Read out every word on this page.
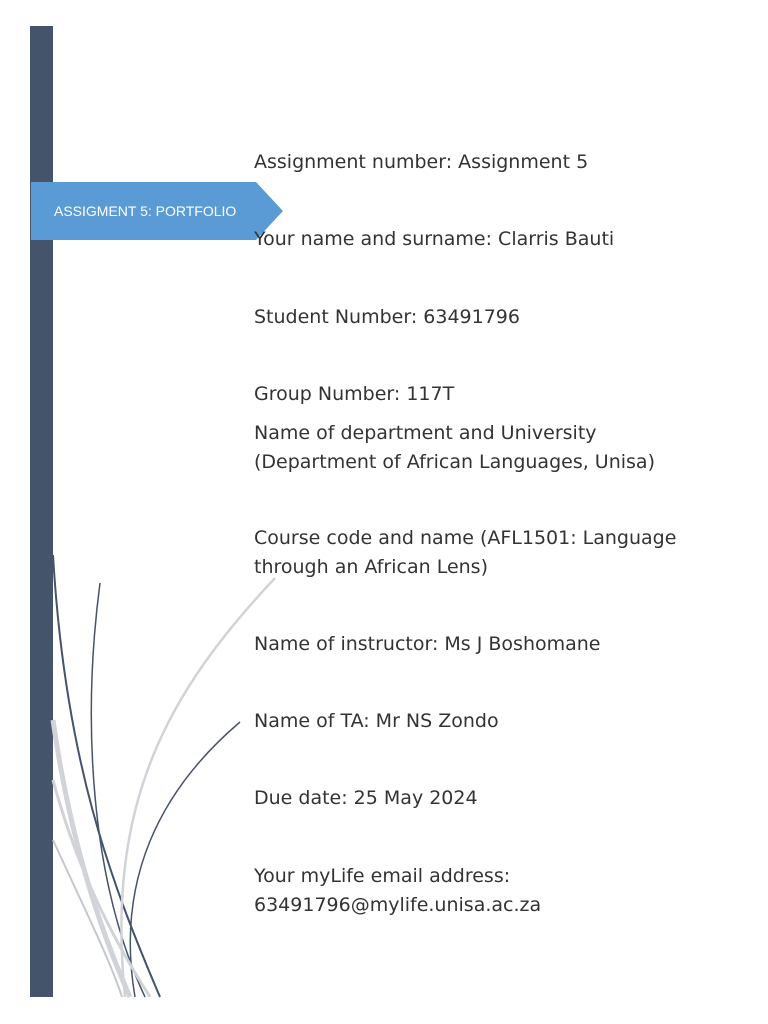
ASSIGMENT 5: PORTFOLIO
Assignment number: Assignment 5
Your name and surname: Clarris Bauti
Student Number: 63491796
Group Number: 117T
Name of department and University
(Department of African Languages, Unisa)
Course code and name (AFL1501: Language
through an African Lens)
Name of instructor: Ms J Boshomane
Name of TA: Mr NS Zondo
Due date: 25 May 2024
Your myLife email address:
63491796@mylife.unisa.ac.za
